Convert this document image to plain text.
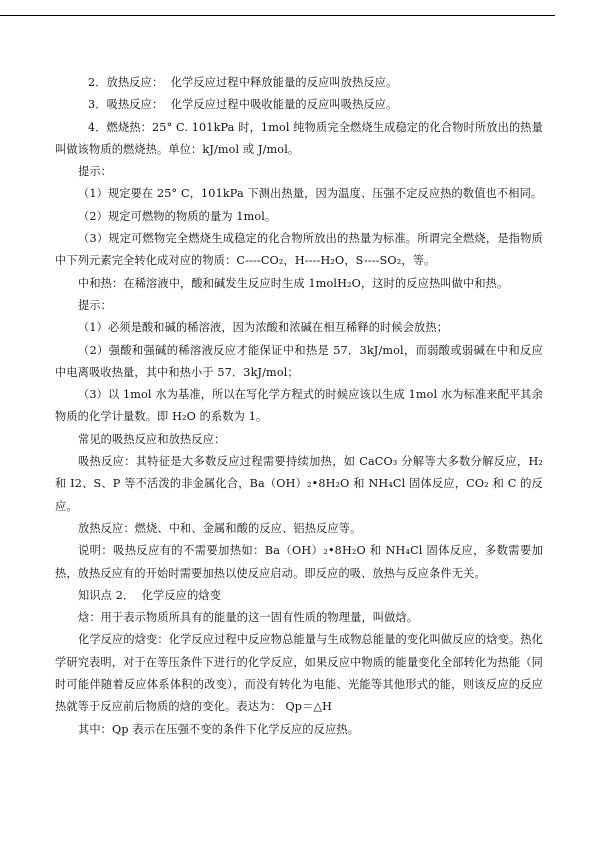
2．放热反应：  化学反应过程中释放能量的反应叫放热反应。

3．吸热反应：  化学反应过程中吸收能量的反应叫吸热反应。

4．燃烧热：25° C. 101kPa 时，1mol 纯物质完全燃烧生成稳定的化合物时所放出的热量叫做该物质的燃烧热。单位：kJ/mol 或 J/mol。

提示：

（1）规定要在 25° C，101kPa 下测出热量，因为温度、压强不定反应热的数值也不相同。

（2）规定可燃物的物质的量为 1mol。

（3）规定可燃物完全燃烧生成稳定的化合物所放出的热量为标准。所谓完全燃烧，是指物质中下列元素完全转化成对应的物质：C----CO₂，H----H₂O，S----SO₂，等。

中和热：在稀溶液中，酸和碱发生反应时生成 1molH₂O，这时的反应热叫做中和热。

提示：

（1）必须是酸和碱的稀溶液，因为浓酸和浓碱在相互稀释的时候会放热；

（2）强酸和强碱的稀溶液反应才能保证中和热是 57．3kJ/mol，而弱酸或弱碱在中和反应中电离吸收热量，其中和热小于 57．3kJ/mol；

（3）以 1mol 水为基准，所以在写化学方程式的时候应该以生成 1mol 水为标准来配平其余物质的化学计量数。即 H₂O 的系数为 1。

常见的吸热反应和放热反应：

吸热反应：其特征是大多数反应过程需要持续加热，如 CaCO₃ 分解等大多数分解反应，H₂ 和 I2、S、P 等不活泼的非金属化合，Ba（OH）₂•8H₂O 和 NH₄Cl 固体反应，CO₂ 和 C 的反应。

放热反应：燃烧、中和、金属和酸的反应、铝热反应等。

说明：吸热反应有的不需要加热如：Ba（OH）₂•8H₂O 和 NH₄Cl 固体反应，多数需要加热，放热反应有的开始时需要加热以使反应启动。即反应的吸、放热与反应条件无关。

知识点 2．  化学反应的焓变

焓：用于表示物质所具有的能量的这一固有性质的物理量，叫做焓。

化学反应的焓变：化学反应过程中反应物总能量与生成物总能量的变化叫做反应的焓变。热化学研究表明，对于在等压条件下进行的化学反应，如果反应中物质的能量变化全部转化为热能（同时可能伴随着反应体系体积的改变），而没有转化为电能、光能等其他形式的能，则该反应的反应热就等于反应前后物质的焓的变化。表达为： Qp＝△H

其中：Qp 表示在压强不变的条件下化学反应的反应热。
